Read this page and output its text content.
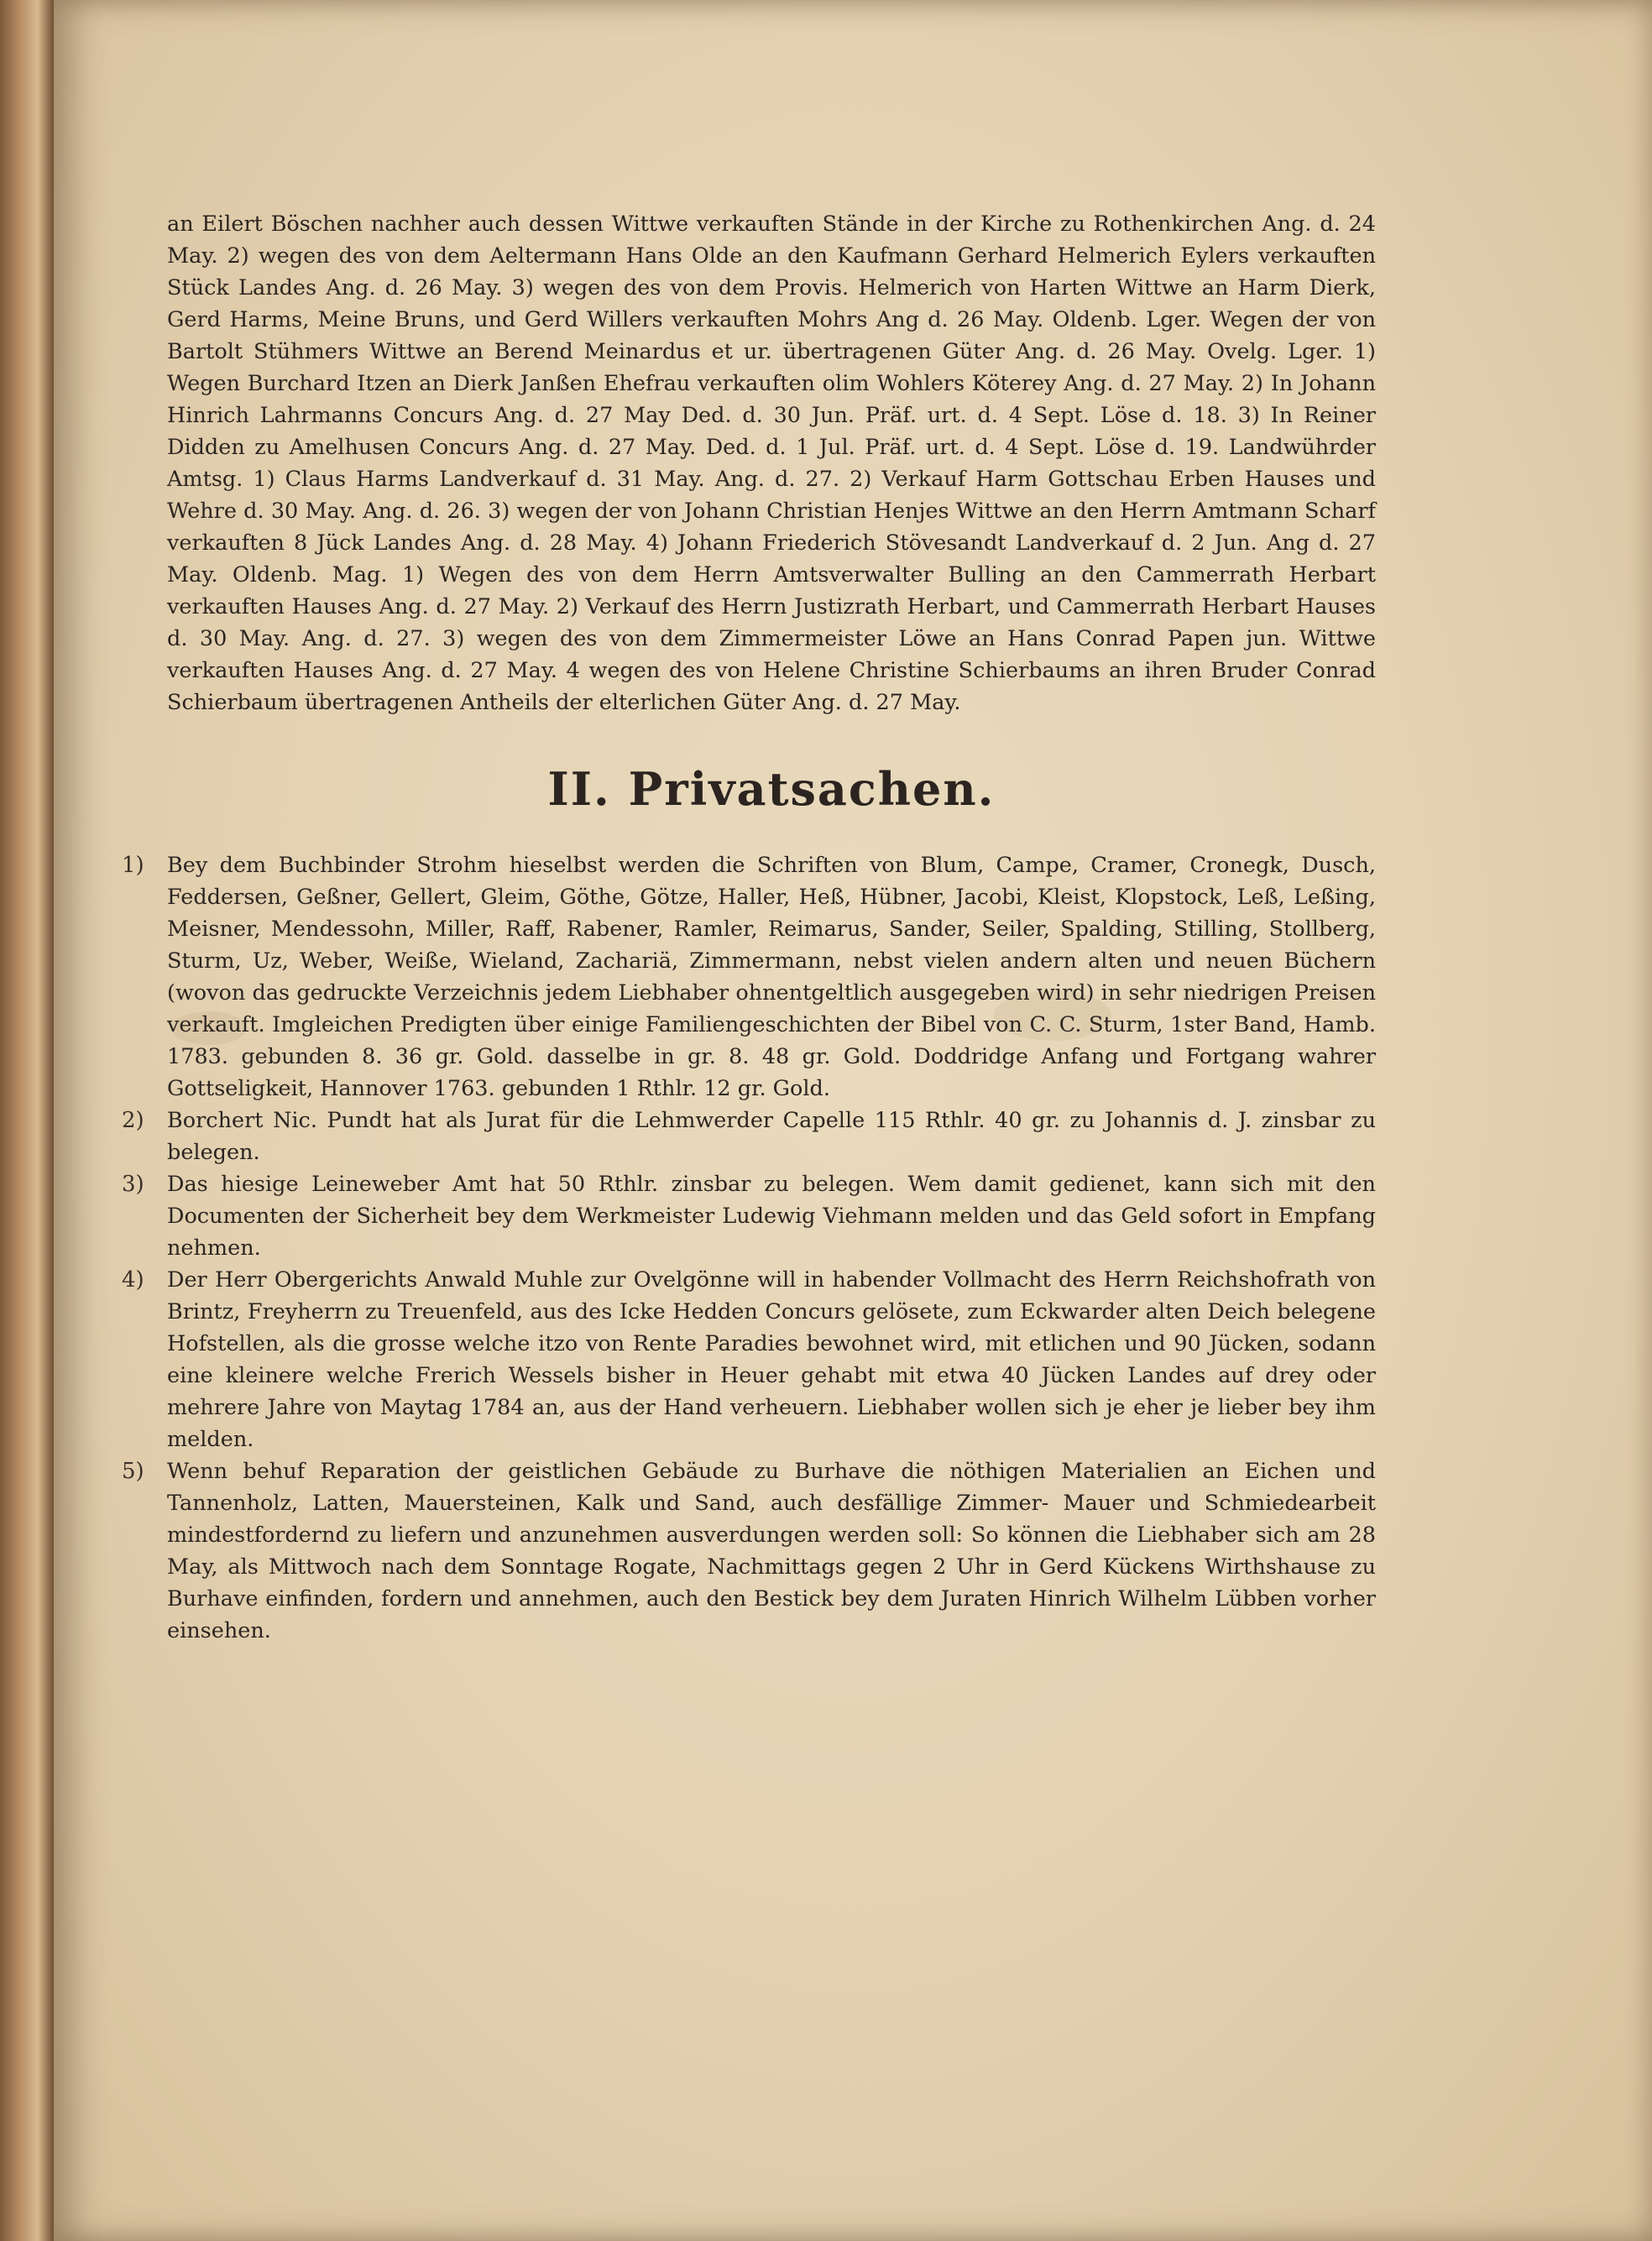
an Eilert Böschen nachher auch dessen Wittwe verkauften Stände in der Kirche zu Rothenkirchen Ang. d. 24 May. 2) wegen des von dem Aeltermann Hans Olde an den Kaufmann Gerhard Helmerich Eylers verkauften Stück Landes Ang. d. 26 May. 3) wegen des von dem Provis. Helmerich von Harten Wittwe an Harm Dierk, Gerd Harms, Meine Bruns, und Gerd Willers verkauften Mohrs Ang d. 26 May. Oldenb. Lger. Wegen der von Bartolt Stühmers Wittwe an Berend Meinardus et ur. übertragenen Güter Ang. d. 26 May. Ovelg. Lger. 1) Wegen Burchard Itzen an Dierk Janßen Ehefrau verkauften olim Wohlers Köterey Ang. d. 27 May. 2) In Johann Hinrich Lahrmanns Concurs Ang. d. 27 May Ded. d. 30 Jun. Präf. urt. d. 4 Sept. Löse d. 18. 3) In Reiner Didden zu Amelhusen Concurs Ang. d. 27 May. Ded. d. 1 Jul. Präf. urt. d. 4 Sept. Löse d. 19. Landwührder Amtsg. 1) Claus Harms Landverkauf d. 31 May. Ang. d. 27. 2) Verkauf Harm Gottschau Erben Hauses und Wehre d. 30 May. Ang. d. 26. 3) wegen der von Johann Christian Henjes Wittwe an den Herrn Amtmann Scharf verkauften 8 Jück Landes Ang. d. 28 May. 4) Johann Friederich Stövesandt Landverkauf d. 2 Jun. Ang d. 27 May. Oldenb. Mag. 1) Wegen des von dem Herrn Amtsverwalter Bulling an den Cammerrath Herbart verkauften Hauses Ang. d. 27 May. 2) Verkauf des Herrn Justizrath Herbart, und Cammerrath Herbart Hauses d. 30 May. Ang. d. 27. 3) wegen des von dem Zimmermeister Löwe an Hans Conrad Papen jun. Wittwe verkauften Hauses Ang. d. 27 May. 4 wegen des von Helene Christine Schierbaums an ihren Bruder Conrad Schierbaum übertragenen Antheils der elterlichen Güter Ang. d. 27 May.

II. Privatsachen.
1) Bey dem Buchbinder Strohm hieselbst werden die Schriften von Blum, Campe, Cramer, Cronegk, Dusch, Feddersen, Geßner, Gellert, Gleim, Göthe, Götze, Haller, Heß, Hübner, Jacobi, Kleist, Klopstock, Leß, Leßing, Meisner, Mendessohn, Miller, Raff, Rabener, Ramler, Reimarus, Sander, Seiler, Spalding, Stilling, Stollberg, Sturm, Uz, Weber, Weiße, Wieland, Zachariä, Zimmermann, nebst vielen andern alten und neuen Büchern (wovon das gedruckte Verzeichnis jedem Liebhaber ohnentgeltlich ausgegeben wird) in sehr niedrigen Preisen verkauft. Imgleichen Predigten über einige Familiengeschichten der Bibel von C. C. Sturm, 1ster Band, Hamb. 1783. gebunden 8. 36 gr. Gold. dasselbe in gr. 8. 48 gr. Gold. Doddridge Anfang und Fortgang wahrer Gottseligkeit, Hannover 1763. gebunden 1 Rthlr. 12 gr. Gold.

2) Borchert Nic. Pundt hat als Jurat für die Lehmwerder Capelle 115 Rthlr. 40 gr. zu Johannis d. J. zinsbar zu belegen.

3) Das hiesige Leineweber Amt hat 50 Rthlr. zinsbar zu belegen. Wem damit gedienet, kann sich mit den Documenten der Sicherheit bey dem Werkmeister Ludewig Viehmann melden und das Geld sofort in Empfang nehmen.

4) Der Herr Obergerichts Anwald Muhle zur Ovelgönne will in habender Vollmacht des Herrn Reichshofrath von Brintz, Freyherrn zu Treuenfeld, aus des Icke Hedden Concurs gelösete, zum Eckwarder alten Deich belegene Hofstellen, als die grosse welche itzo von Rente Paradies bewohnet wird, mit etlichen und 90 Jücken, sodann eine kleinere welche Frerich Wessels bisher in Heuer gehabt mit etwa 40 Jücken Landes auf drey oder mehrere Jahre von Maytag 1784 an, aus der Hand verheuern. Liebhaber wollen sich je eher je lieber bey ihm melden.

5) Wenn behuf Reparation der geistlichen Gebäude zu Burhave die nöthigen Materialien an Eichen und Tannenholz, Latten, Mauersteinen, Kalk und Sand, auch desfällige Zimmer- Mauer und Schmiedearbeit mindestfordernd zu liefern und anzunehmen ausverdungen werden soll: So können die Liebhaber sich am 28 May, als Mittwoch nach dem Sonntage Rogate, Nachmittags gegen 2 Uhr in Gerd Kückens Wirthshause zu Burhave einfinden, fordern und annehmen, auch den Bestick bey dem Juraten Hinrich Wilhelm Lübben vorher einsehen.
